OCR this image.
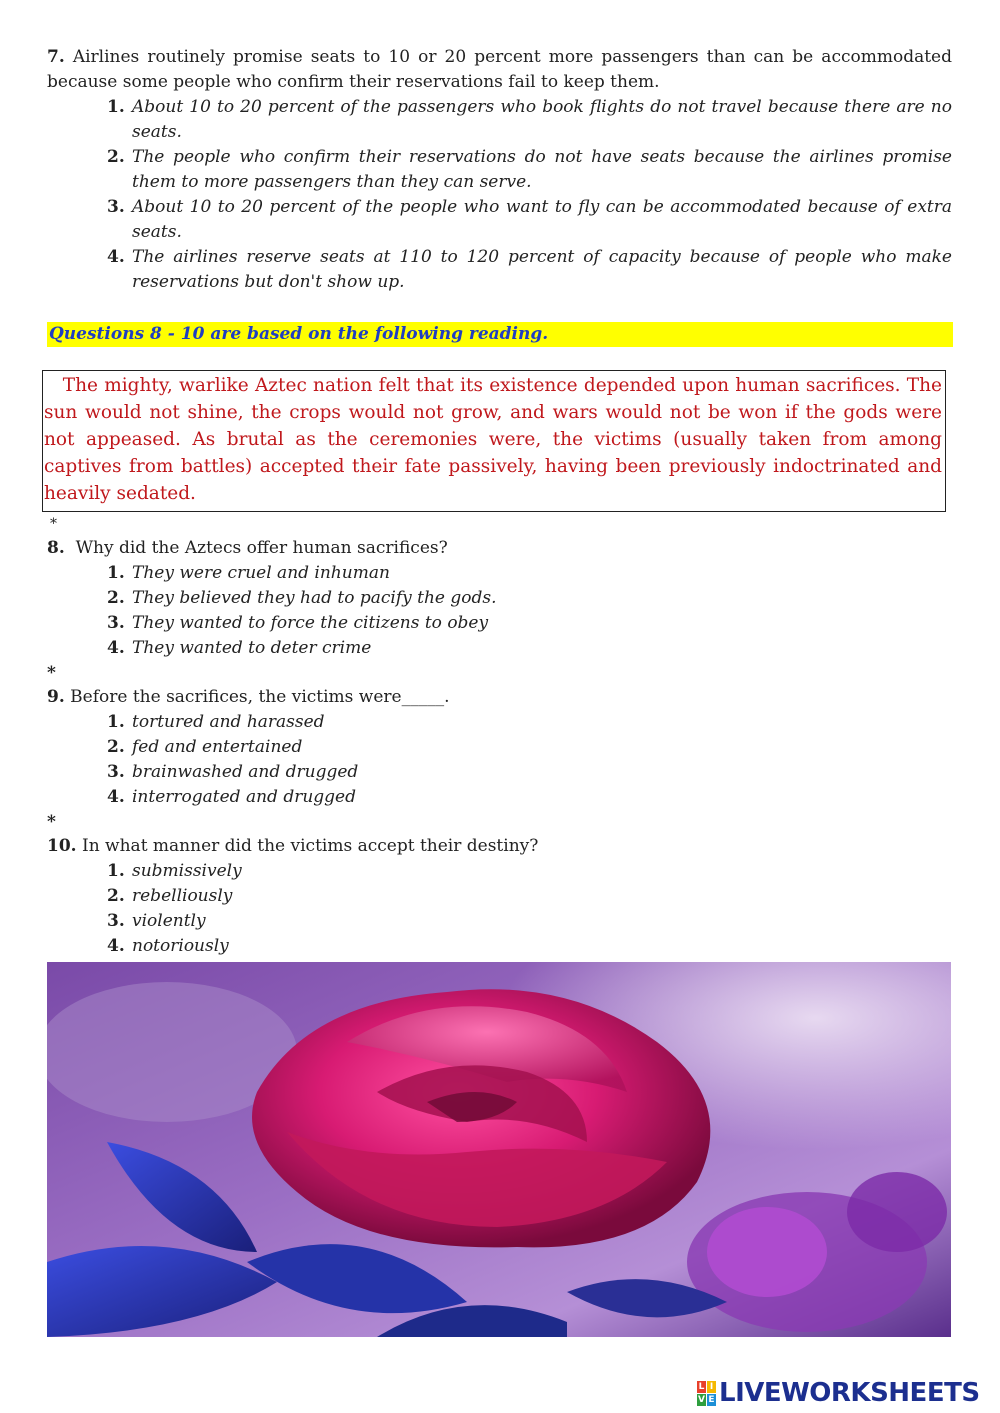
7. Airlines routinely promise seats to 10 or 20 percent more passengers than can be accommodated because some people who confirm their reservations fail to keep them.

1. About 10 to 20 percent of the passengers who book flights do not travel because there are no seats.
2. The people who confirm their reservations do not have seats because the airlines promise them to more passengers than they can serve.
3. About 10 to 20 percent of the people who want to fly can be accommodated because of extra seats.
4. The airlines reserve seats at 110 to 120 percent of capacity because of people who make reservations but don't show up.
Questions 8 - 10 are based on the following reading.
The mighty, warlike Aztec nation felt that its existence depended upon human sacrifices. The sun would not shine, the crops would not grow, and wars would not be won if the gods were not appeased. As brutal as the ceremonies were, the victims (usually taken from among captives from battles) accepted their fate passively, having been previously indoctrinated and heavily sedated.

*

8. Why did the Aztecs offer human sacrifices?

1. They were cruel and inhuman
2. They believed they had to pacify the gods.
3. They wanted to force the citizens to obey
4. They wanted to deter crime

*

9. Before the sacrifices, the victims were_____.

1. tortured and harassed
2. fed and entertained
3. brainwashed and drugged
4. interrogated and drugged

*

10. In what manner did the victims accept their destiny?

1. submissively
2. rebelliously
3. violently
4. notoriously
L I
V E LIVEWORKSHEETS
